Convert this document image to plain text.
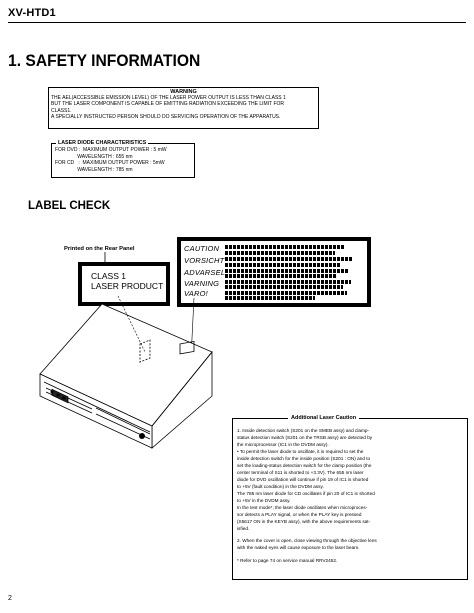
XV-HTD1
1. SAFETY INFORMATION
WARNING
THE AEL(ACCESSIBLE EMISSION LEVEL) OF THE LASER POWER OUTPUT IS LESS THAN CLASS 1
BUT THE LASER COMPONENT IS CAPABLE OF EMITTING RADIATION EXCEEDING THE LIMIT FOR
CLASS1.
A SPECIALLY INSTRUCTED PERSON SHOULD DO SERVICING OPERATION OF THE APPARATUS.
LASER DIODE CHARACTERISTICS
FOR DVD :  MAXIMUM OUTPUT POWER : 5 mW
WAVELENGTH : 655 nm
FOR CD   :  MAXIMUM OUTPUT POWER : 5mW
WAVELENGTH : 785 nm
LABEL CHECK
Printed on the Rear Panel
CLASS 1
LASER PRODUCT
CAUTION
VORSICHT
ADVARSEL
VARNING
VARO!
Additional Laser Caution
1. Inside detection switch (S201 on the SMEB assy) and clamp-
status detection switch (S201 on the TRSB assy) are detected by
the microprocessor (IC1 in the DVDM assy).
• To permit the laser diode to oscillate, it is required to set the
inside detection switch for the inside position (S201 : ON) and to
set the loading-status detection switch for the clamp position (the
center terminal of S11 is shorted to +3.3V). The 655 nm laser
diode for DVD oscillation will continue if pin 19 of IC1 is shorted
to +5V (fault condition) in the DVDM assy.
The 785 nm laser diode for CD oscillates if pin 20 of IC1 is shorted
to +5V in the DVDM assy.
In the test mode*, the laser diode oscillates when microproces-
sor detects a PLAY signal, or when the PLAY key is pressed
(S5617 ON in the KEYB assy), with the above requirements sat-
isfied.
2. When the cover is open, close viewing through the objective lens
with the naked eyes will cause exposure to the laser beam.
* Refer to page 74 on service manual RRV2452.
2
